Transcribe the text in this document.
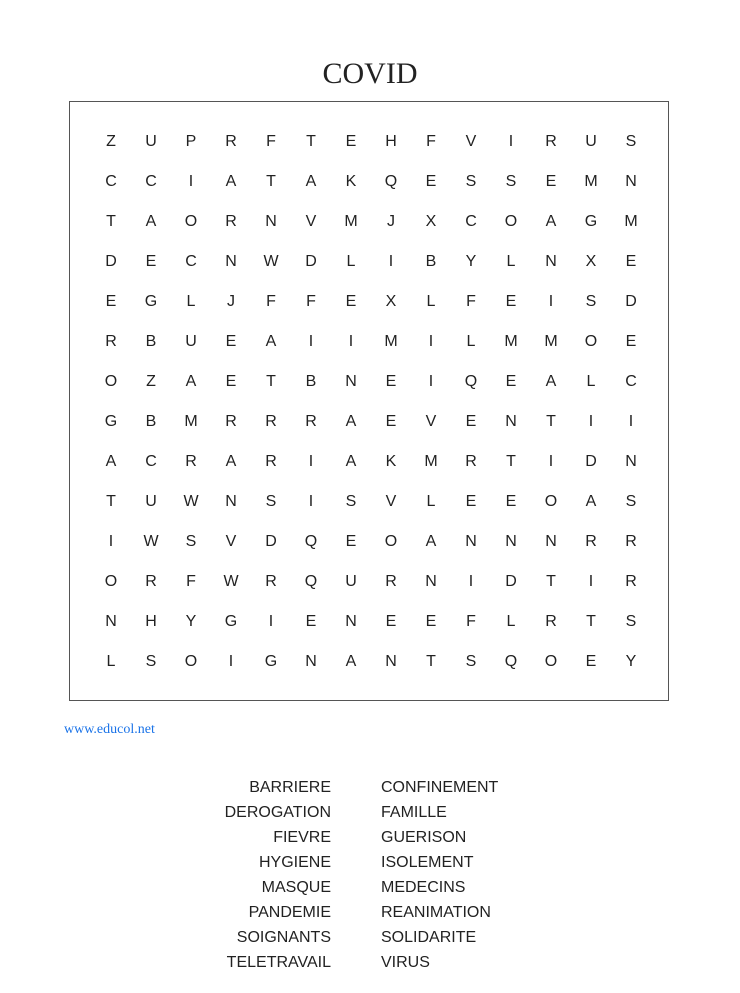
COVID
Z	U	P	R	F	T	E	H	F	V	I	R	U	S
C	C	I	A	T	A	K	Q	E	S	S	E	M	N
T	A	O	R	N	V	M	J	X	C	O	A	G	M
D	E	C	N	W	D	L	I	B	Y	L	N	X	E
E	G	L	J	F	F	E	X	L	F	E	I	S	D
R	B	U	E	A	I	I	M	I	L	M	M	O	E
O	Z	A	E	T	B	N	E	I	Q	E	A	L	C
G	B	M	R	R	R	A	E	V	E	N	T	I	I
A	C	R	A	R	I	A	K	M	R	T	I	D	N
T	U	W	N	S	I	S	V	L	E	E	O	A	S
I	W	S	V	D	Q	E	O	A	N	N	N	R	R
O	R	F	W	R	Q	U	R	N	I	D	T	I	R
N	H	Y	G	I	E	N	E	E	F	L	R	T	S
L	S	O	I	G	N	A	N	T	S	Q	O	E	Y
www.educol.net
BARRIERE
DEROGATION
FIEVRE
HYGIENE
MASQUE
PANDEMIE
SOIGNANTS
TELETRAVAIL
CONFINEMENT
FAMILLE
GUERISON
ISOLEMENT
MEDECINS
REANIMATION
SOLIDARITE
VIRUS
